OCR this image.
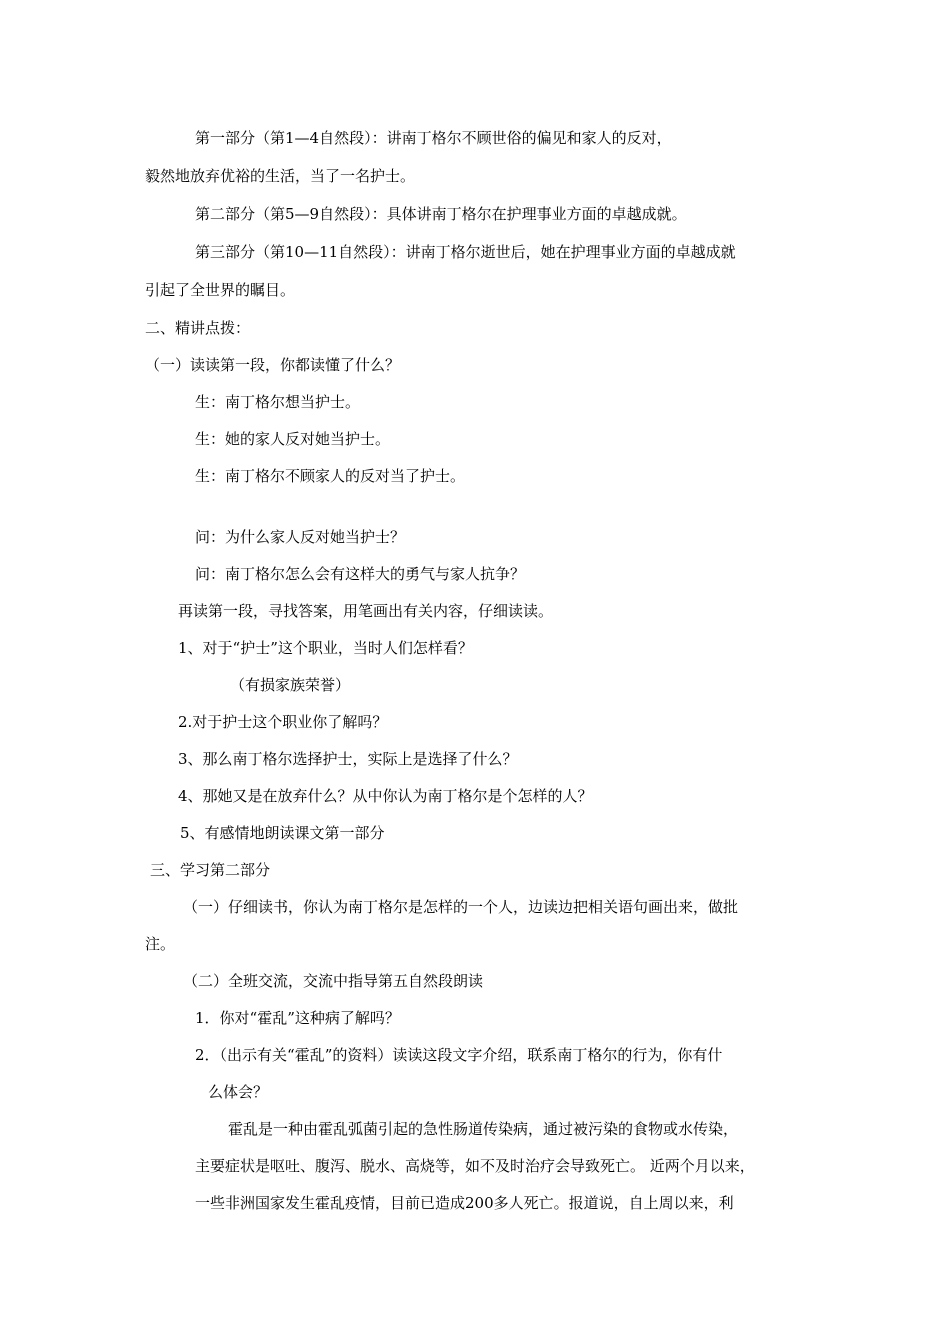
第一部分（第1—4自然段）：讲南丁格尔不顾世俗的偏见和家人的反对，
毅然地放弃优裕的生活，当了一名护士。
第二部分（第5—9自然段）：具体讲南丁格尔在护理事业方面的卓越成就。
第三部分（第10—11自然段）：讲南丁格尔逝世后，她在护理事业方面的卓越成就
引起了全世界的瞩目。
二、精讲点拨：
（一）读读第一段，你都读懂了什么？
生：南丁格尔想当护士。
生：她的家人反对她当护士。
生：南丁格尔不顾家人的反对当了护士。
问：为什么家人反对她当护士？
问：南丁格尔怎么会有这样大的勇气与家人抗争？
再读第一段，寻找答案，用笔画出有关内容，仔细读读。
1、对于“护士”这个职业，当时人们怎样看？
（有损家族荣誉）
2.对于护士这个职业你了解吗？
3、那么南丁格尔选择护士，实际上是选择了什么？
4、那她又是在放弃什么？从中你认为南丁格尔是个怎样的人？
5、有感情地朗读课文第一部分
三、学习第二部分
（一）仔细读书，你认为南丁格尔是怎样的一个人，边读边把相关语句画出来，做批
注。
（二）全班交流，交流中指导第五自然段朗读
1．你对“霍乱”这种病了解吗？
2．（出示有关“霍乱”的资料）读读这段文字介绍，联系南丁格尔的行为，你有什
么体会？
霍乱是一种由霍乱弧菌引起的急性肠道传染病，通过被污染的食物或水传染，
主要症状是呕吐、腹泻、脱水、高烧等，如不及时治疗会导致死亡。 近两个月以来，
一些非洲国家发生霍乱疫情，目前已造成200多人死亡。报道说，自上周以来，利
